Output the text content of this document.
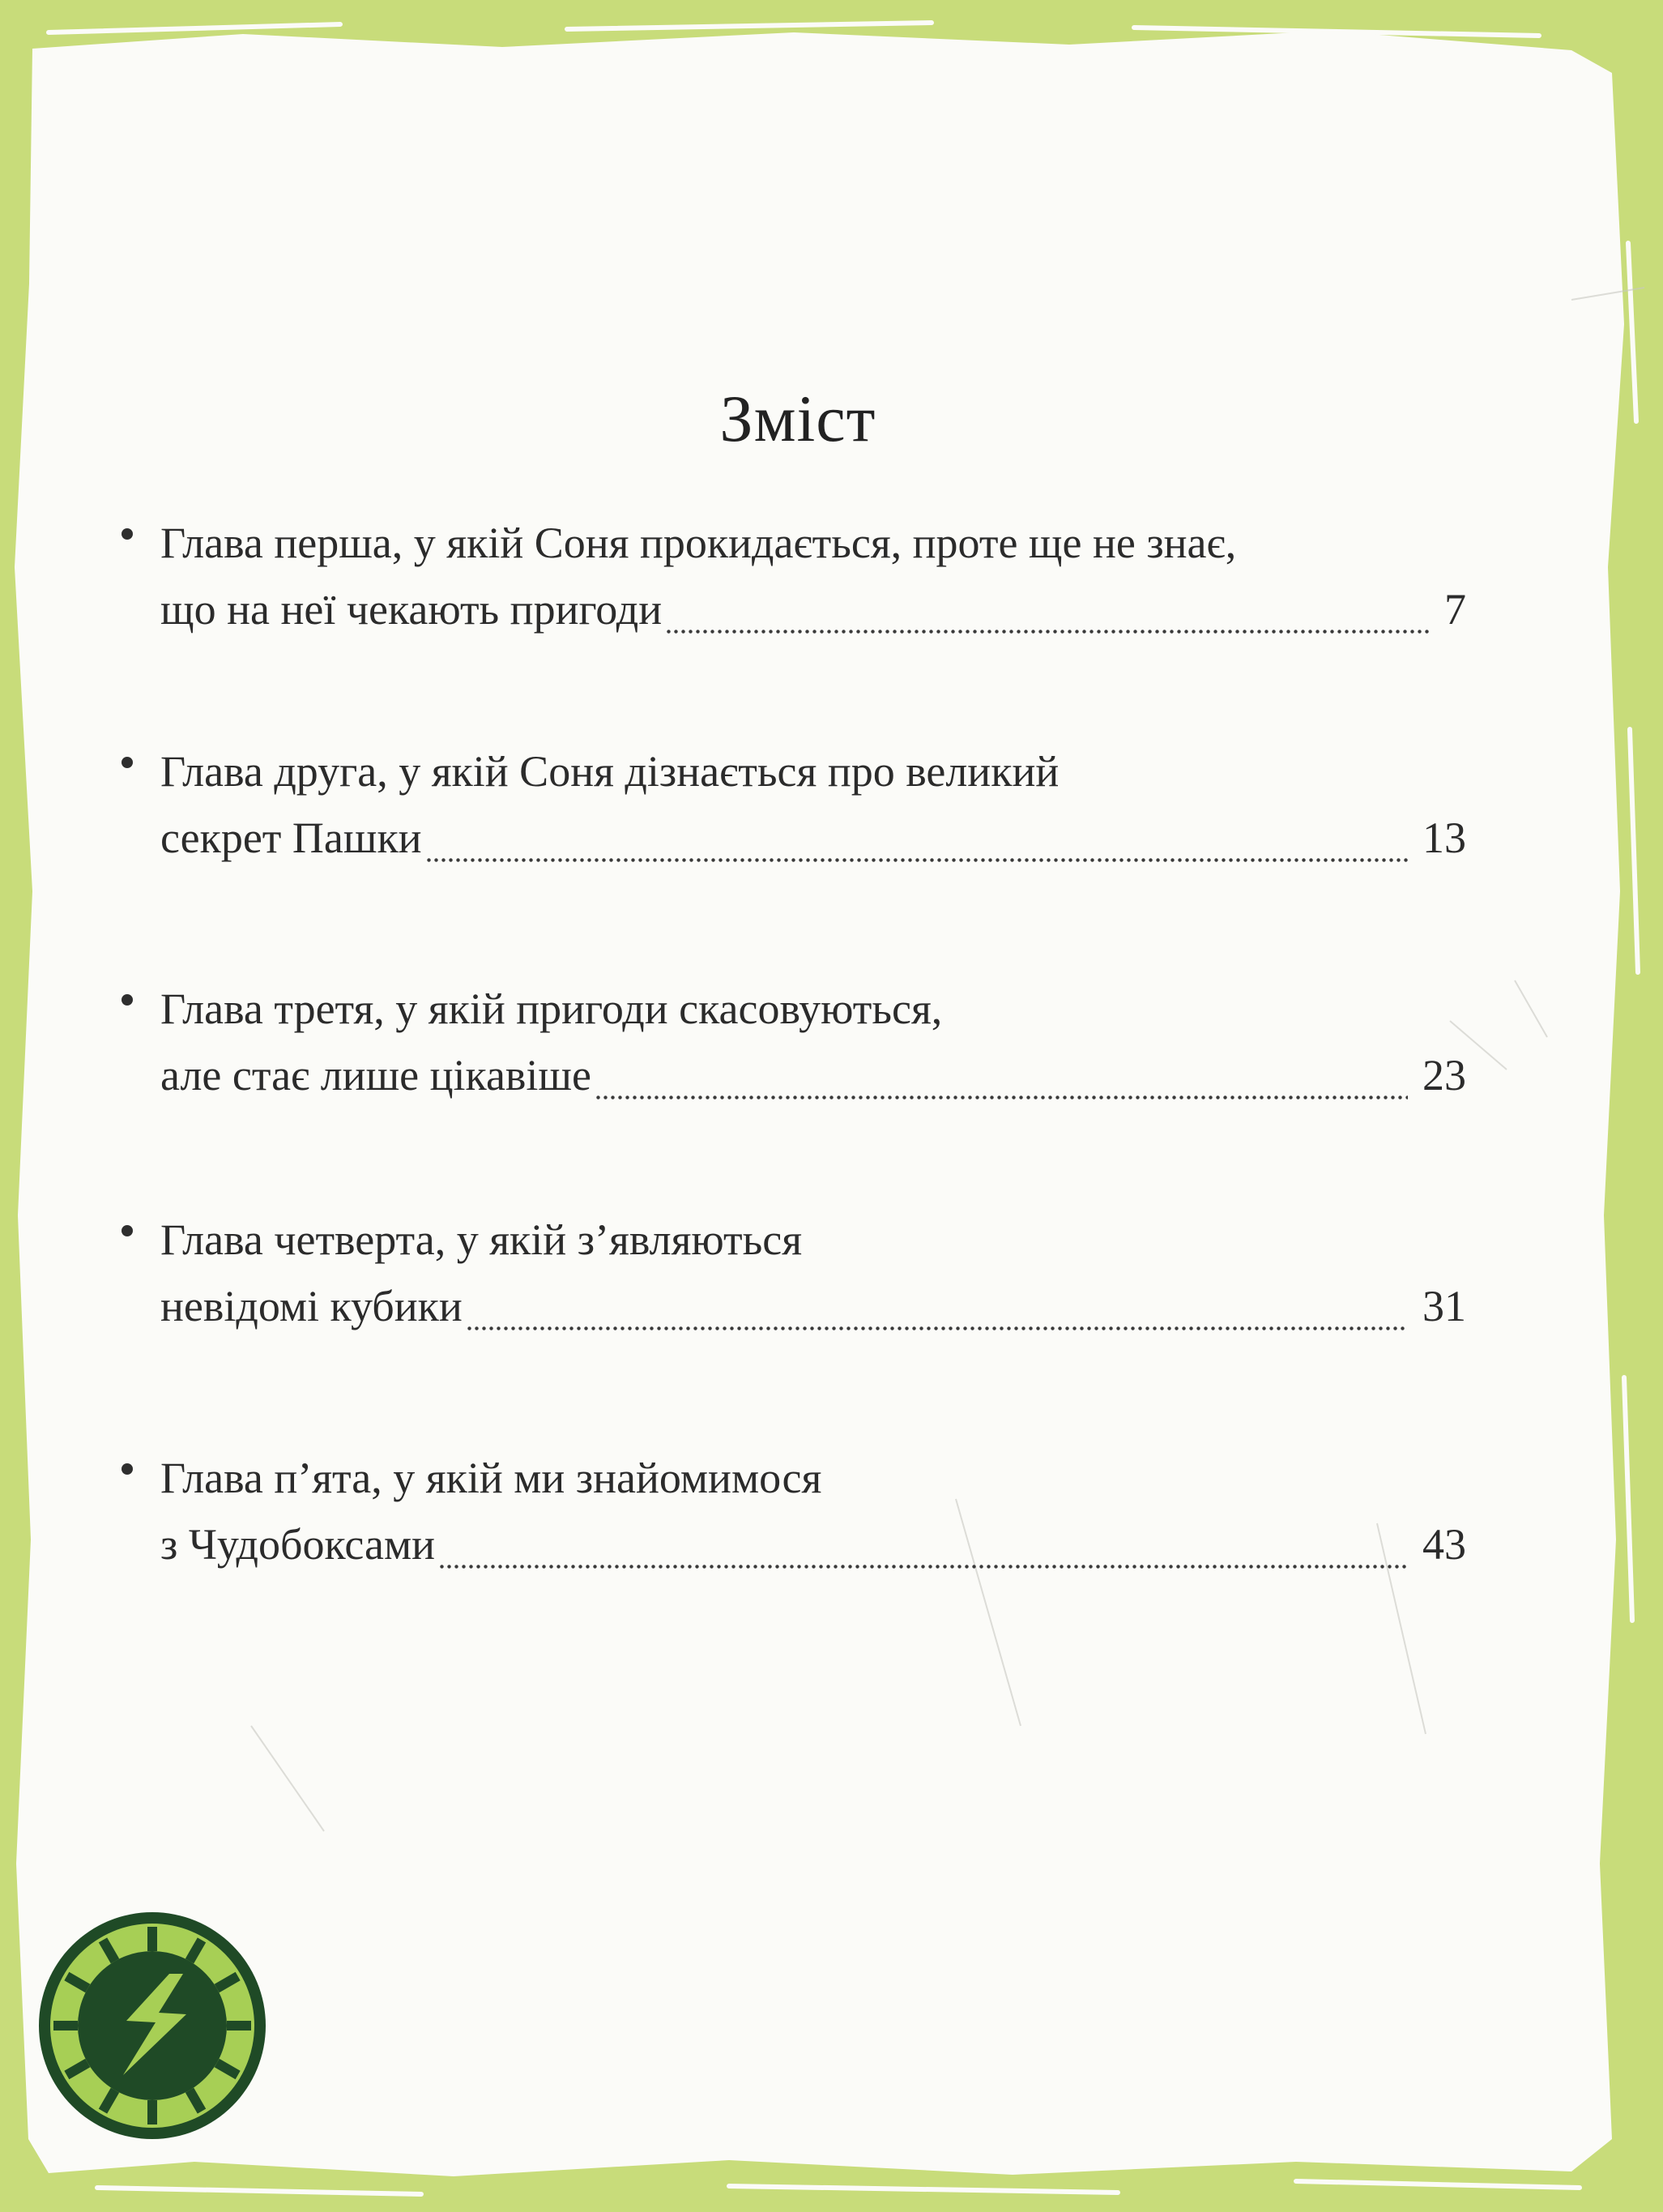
Зміст
Глава перша, у якій Соня прокидається, проте ще не знає,
що на неї чекають пригоди	7
Глава друга, у якій Соня дізнається про великий
секрет Пашки	13
Глава третя, у якій пригоди скасовуються,
але стає лише цікавіше	23
Глава четверта, у якій з’являються
невідомі кубики	31
Глава п’ята, у якій ми знайомимося
з Чудобоксами	43
